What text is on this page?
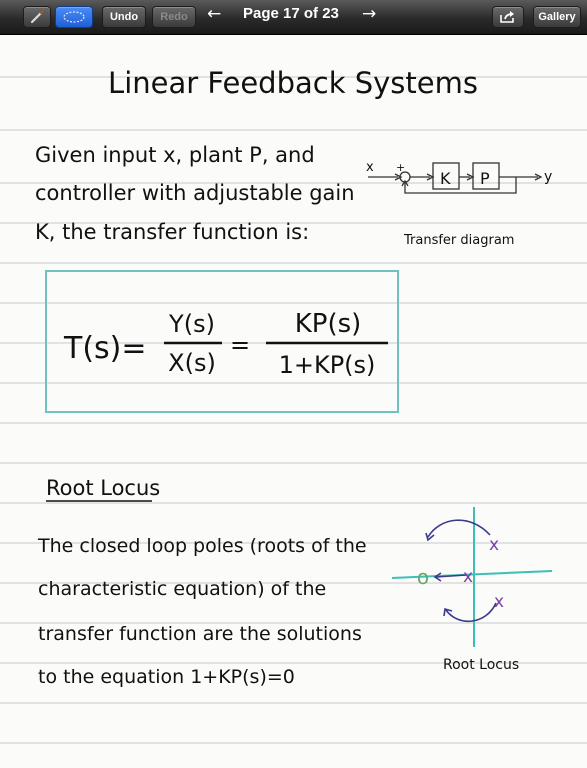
Undo	Redo	← Page 17 of 23 →	Gallery
Linear Feedback Systems
Given input x, plant P, and
controller with adjustable gain
K, the transfer function is:
x +
K P	y
Transfer diagram
T(s)=
Y(s)
X(s)
=
KP(s)
1+KP(s)
Root Locus
The closed loop poles (roots of the
characteristic equation) of the
transfer function are the solutions
to the equation 1+KP(s)=0
x
x
x
o
Root Locus
